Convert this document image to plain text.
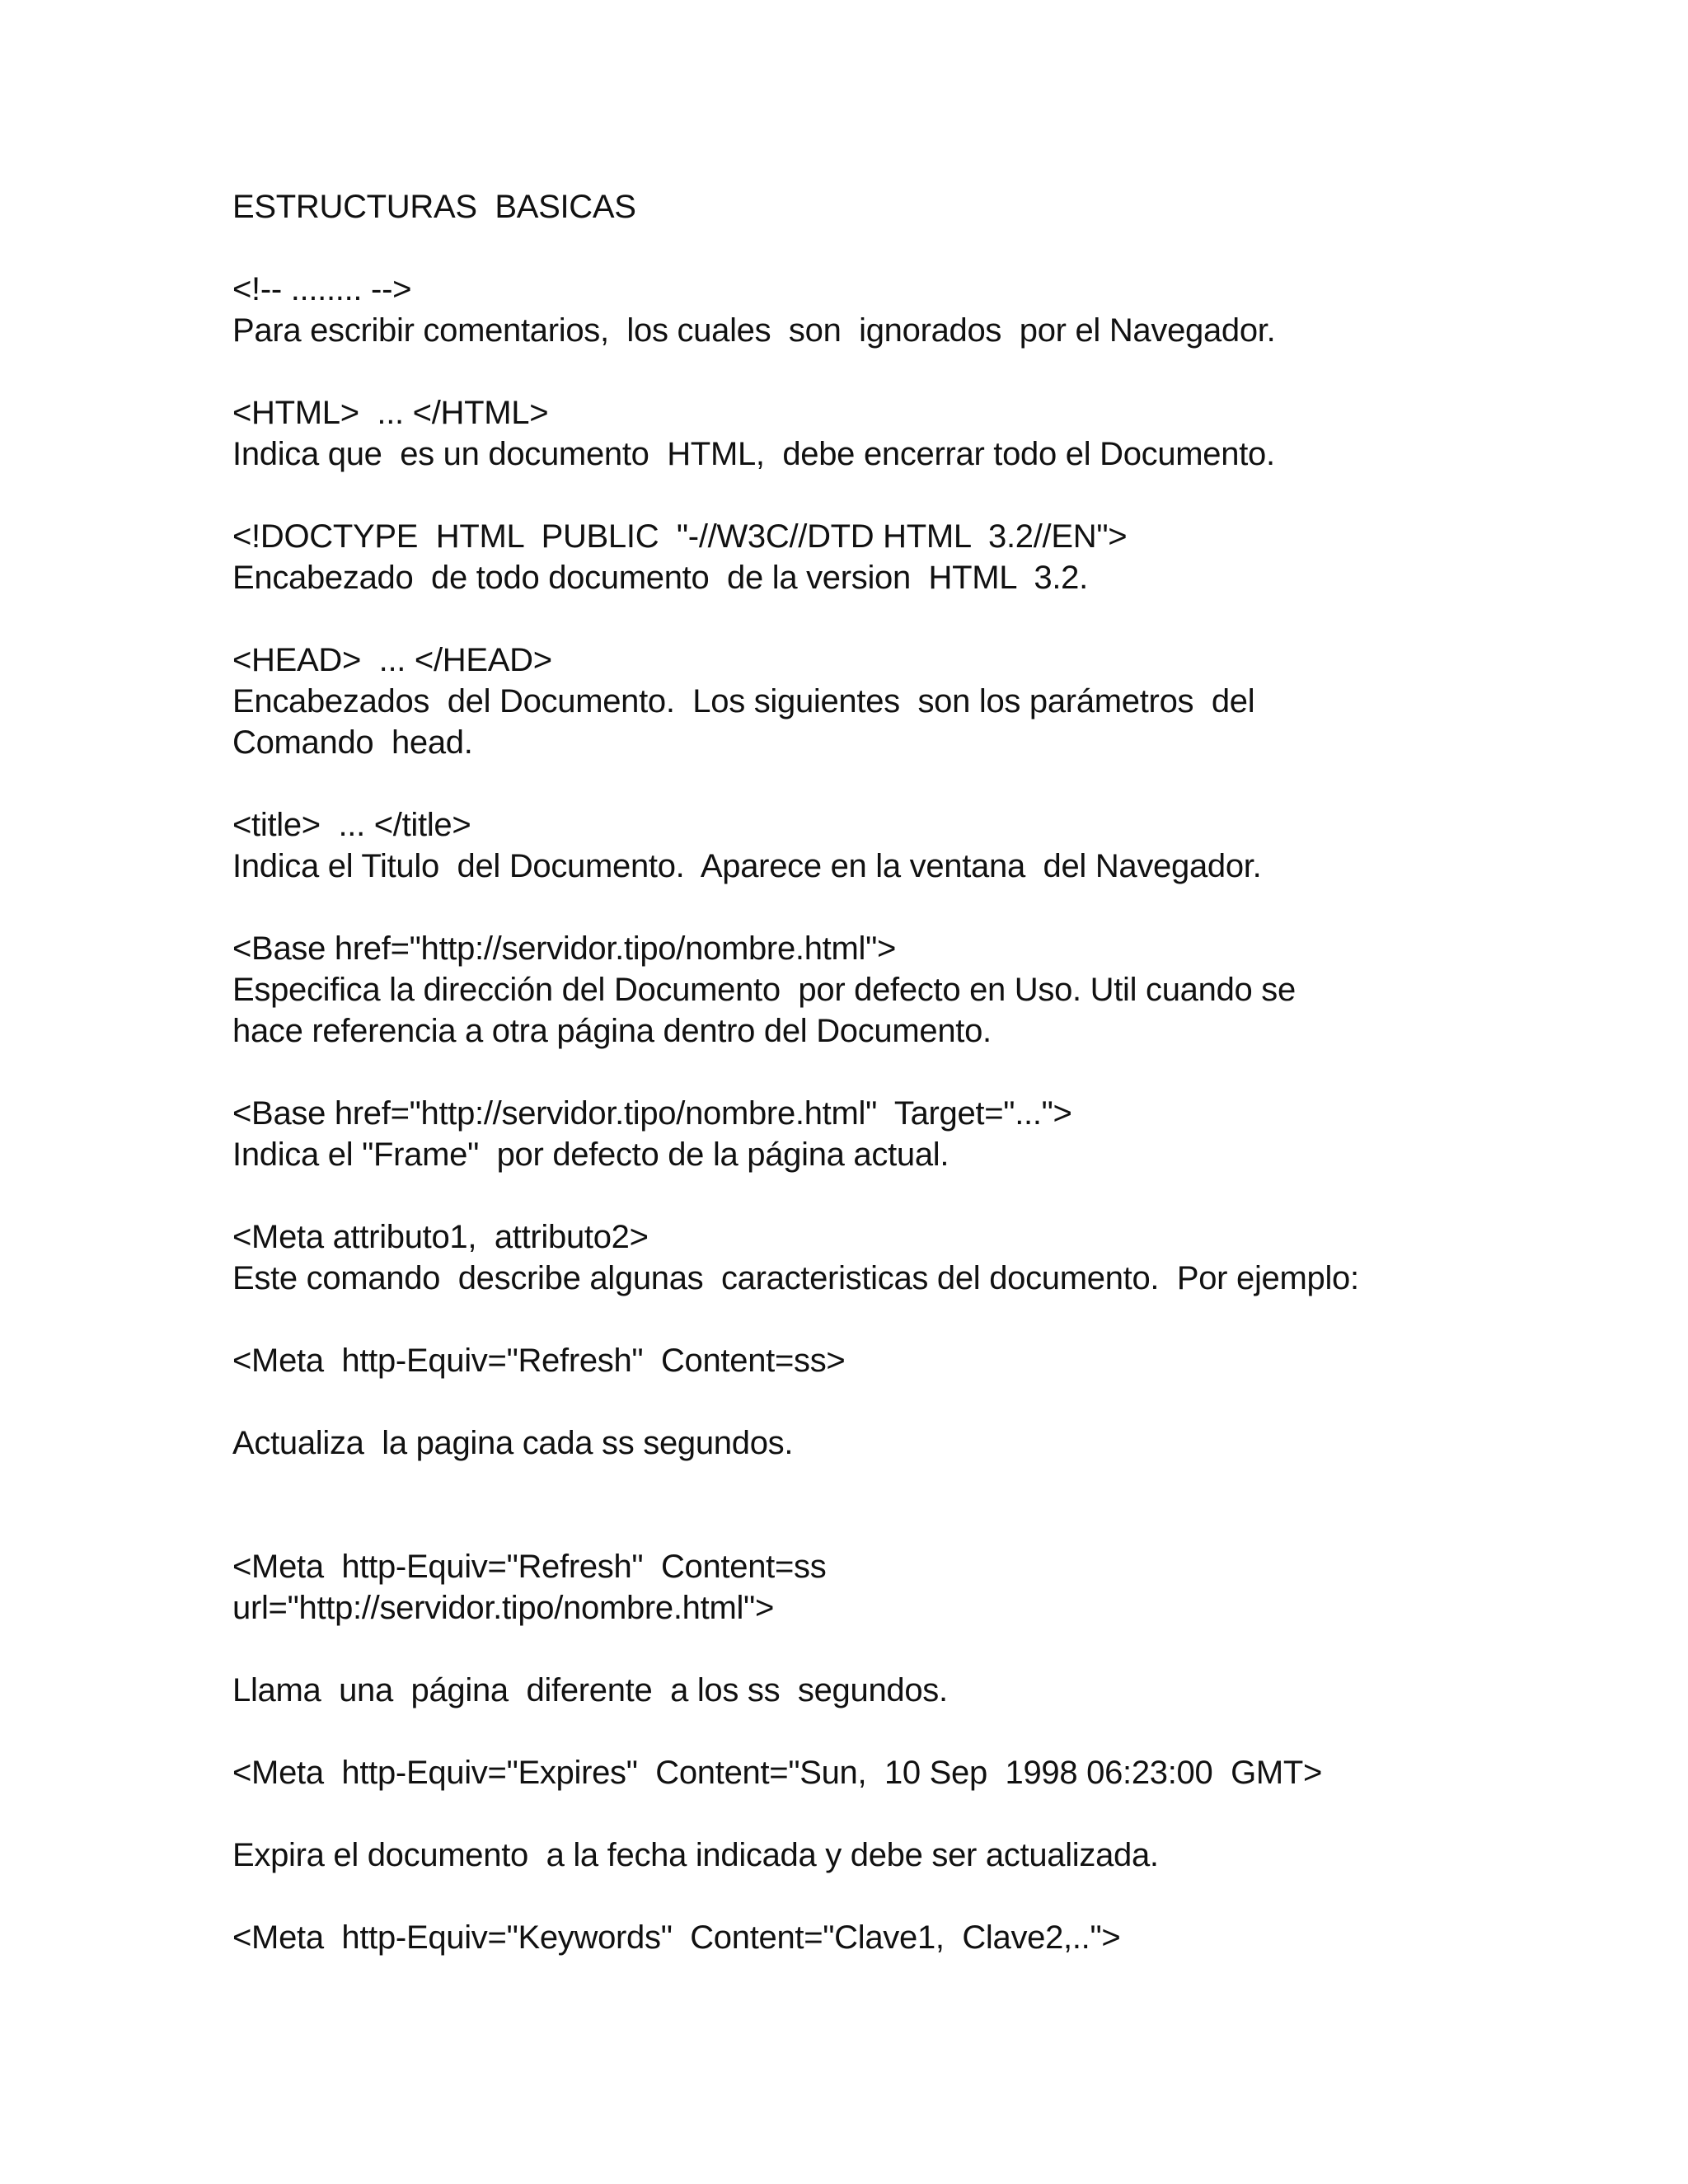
ESTRUCTURAS  BASICAS
<!-- ........ -->
Para escribir comentarios,  los cuales  son  ignorados  por el Navegador.
<HTML>  ... </HTML>
Indica que  es un documento  HTML,  debe encerrar todo el Documento.
<!DOCTYPE  HTML  PUBLIC  "-//W3C//DTD HTML  3.2//EN">
Encabezado  de todo documento  de la version  HTML  3.2.
<HEAD>  ... </HEAD>
Encabezados  del Documento.  Los siguientes  son los parámetros  del
Comando  head.
<title>  ... </title>
Indica el Titulo  del Documento.  Aparece en la ventana  del Navegador.
<Base href="http://servidor.tipo/nombre.html">
Especifica la dirección del Documento  por defecto en Uso. Util cuando se
hace referencia a otra página dentro del Documento.
<Base href="http://servidor.tipo/nombre.html"  Target="...">
Indica el "Frame"  por defecto de la página actual.
<Meta attributo1,  attributo2>
Este comando  describe algunas  caracteristicas del documento.  Por ejemplo:
<Meta  http-Equiv="Refresh"  Content=ss>
Actualiza  la pagina cada ss segundos.
<Meta  http-Equiv="Refresh"  Content=ss
url="http://servidor.tipo/nombre.html">
Llama  una  página  diferente  a los ss  segundos.
<Meta  http-Equiv="Expires"  Content="Sun,  10 Sep  1998 06:23:00  GMT>
Expira el documento  a la fecha indicada y debe ser actualizada.
<Meta  http-Equiv="Keywords"  Content="Clave1,  Clave2,..">
